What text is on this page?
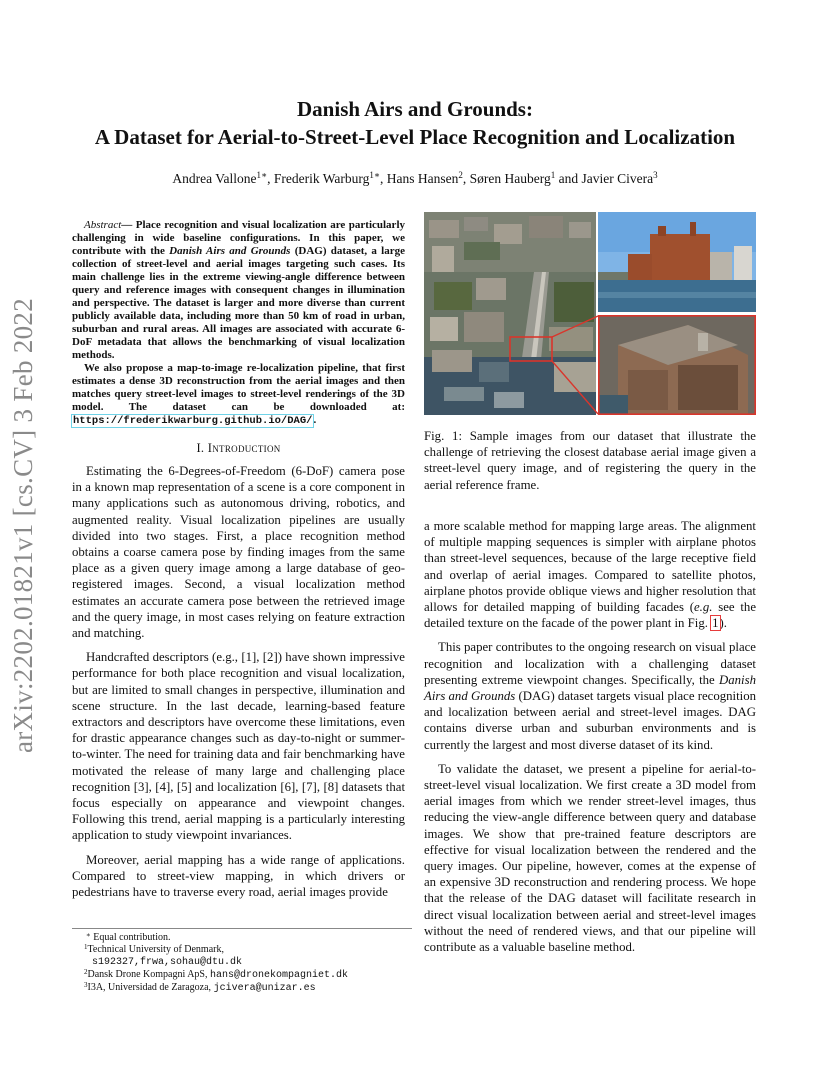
arXiv:2202.01821v1 [cs.CV] 3 Feb 2022
Danish Airs and Grounds:
A Dataset for Aerial-to-Street-Level Place Recognition and Localization
Andrea Vallone$^{1∗}$, Frederik Warburg$^{1∗}$, Hans Hansen$^2$, Søren Hauberg$^1$ and Javier Civera$^3$

Abstract— Place recognition and visual localization are particularly challenging in wide baseline configurations. In this paper, we contribute with the Danish Airs and Grounds (DAG) dataset, a large collection of street-level and aerial images targeting such cases. Its main challenge lies in the extreme viewing-angle difference between query and reference images with consequent changes in illumination and perspective. The dataset is larger and more diverse than current publicly available data, including more than 50 km of road in urban, suburban and rural areas. All images are associated with accurate 6-DoF metadata that allows the benchmarking of visual localization methods.

We also propose a map-to-image re-localization pipeline, that first estimates a dense 3D reconstruction from the aerial images and then matches query street-level images to street-level renderings of the 3D model. The dataset can be downloaded at: https://frederikwarburg.github.io/DAG/.

I. Introduction

Estimating the 6-Degrees-of-Freedom (6-DoF) camera pose in a known map representation of a scene is a core component in many applications such as autonomous driving, robotics, and augmented reality. Visual localization pipelines are usually divided into two stages. First, a place recognition method obtains a coarse camera pose by finding images from the same place as a given query image among a large database of geo-registered images. Second, a visual localization method estimates an accurate camera pose between the retrieved image and the query image, in most cases relying on feature extraction and matching.

Handcrafted descriptors (e.g., [1], [2]) have shown impressive performance for both place recognition and visual localization, but are limited to small changes in perspective, illumination and scene structure. In the last decade, learning-based feature extractors and descriptors have overcome these limitations, even for drastic appearance changes such as day-to-night or summer-to-winter. The need for training data and fair benchmarking have motivated the release of many large and challenging place recognition [3], [4], [5] and localization [6], [7], [8] datasets that focus especially on appearance and viewpoint changes. Following this trend, aerial mapping is a particularly interesting application to study viewpoint invariances.

Moreover, aerial mapping has a wide range of applications. Compared to street-view mapping, in which drivers or pedestrians have to traverse every road, aerial images provide

∗ Equal contribution.
$^1$Technical University of Denmark,
s192327,frwa,sohau@dtu.dk
$^2$Dansk Drone Kompagni ApS, hans@dronekompagniet.dk
$^3$I3A, Universidad de Zaragoza, jcivera@unizar.es
Fig. 1: Sample images from our dataset that illustrate the challenge of retrieving the closest database aerial image given a street-level query image, and of registering the query in the aerial reference frame.

a more scalable method for mapping large areas. The alignment of multiple mapping sequences is simpler with airplane photos than street-level sequences, because of the large receptive field and overlap of aerial images. Compared to satellite photos, airplane photos provide oblique views and higher resolution that allows for detailed mapping of building facades (e.g. see the detailed texture on the facade of the power plant in Fig. 1).

This paper contributes to the ongoing research on visual place recognition and localization with a challenging dataset presenting extreme viewpoint changes. Specifically, the Danish Airs and Grounds (DAG) dataset targets visual place recognition and localization between aerial and street-level images. DAG contains diverse urban and suburban environments and is currently the largest and most diverse dataset of its kind.

To validate the dataset, we present a pipeline for aerial-to-street-level visual localization. We first create a 3D model from aerial images from which we render street-level images, thus reducing the view-angle difference between query and database images. We show that pre-trained feature descriptors are effective for visual localization between the rendered and the query images. Our pipeline, however, comes at the expense of an expensive 3D reconstruction and rendering process. We hope that the release of the DAG dataset will facilitate research in direct visual localization between aerial and street-level images without the need of rendered views, and that our pipeline will contribute as a valuable baseline method.
